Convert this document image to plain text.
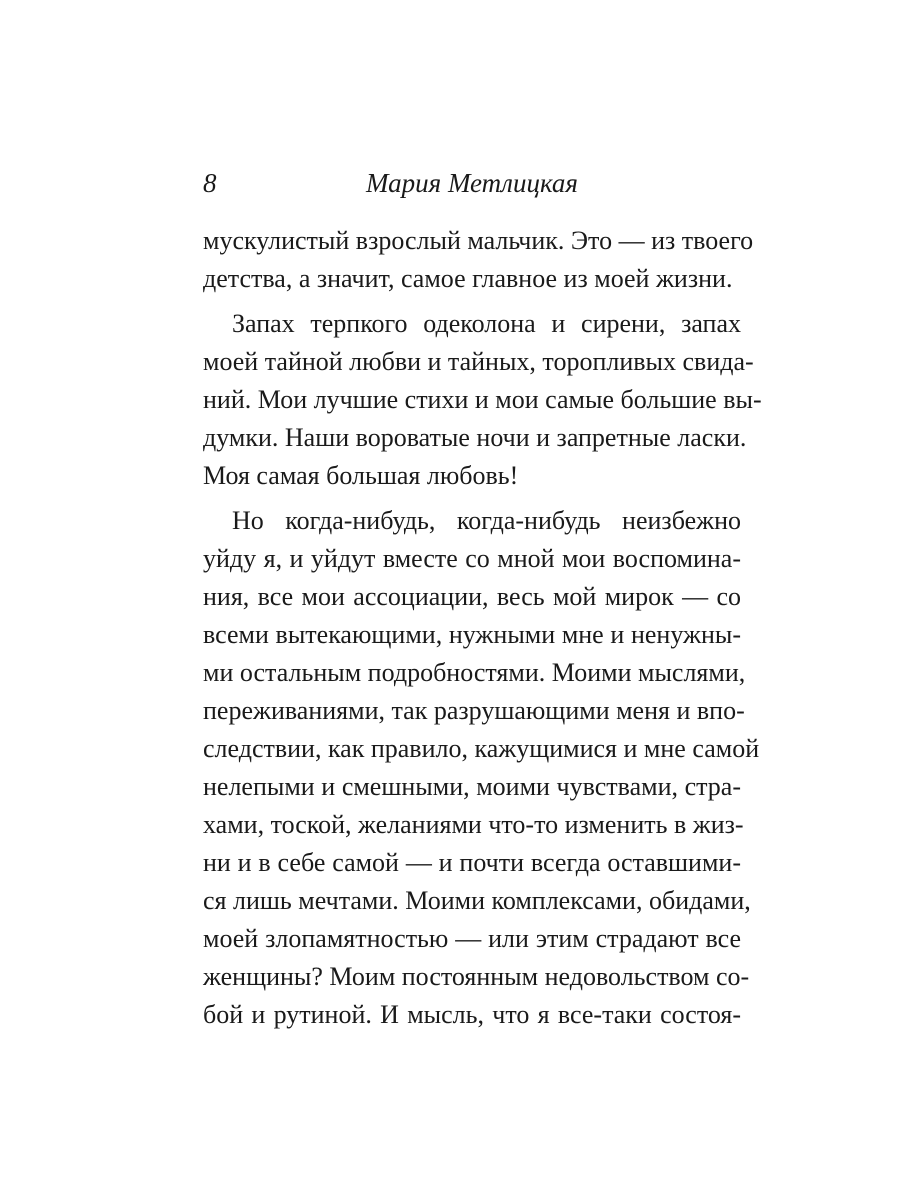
8	Мария Метлицкая
мускулистый взрослый мальчик. Это — из твоего
детства, а значит, самое главное из моей жизни.
Запах терпкого одеколона и сирени, запах
моей тайной любви и тайных, торопливых свида-
ний. Мои лучшие стихи и мои самые большие вы-
думки. Наши вороватые ночи и запретные ласки.
Моя самая большая любовь!
Но когда-нибудь, когда-нибудь неизбежно
уйду я, и уйдут вместе со мной мои воспомина-
ния, все мои ассоциации, весь мой мирок — со
всеми вытекающими, нужными мне и ненужны-
ми остальным подробностями. Моими мыслями,
переживаниями, так разрушающими меня и впо-
следствии, как правило, кажущимися и мне самой
нелепыми и смешными, моими чувствами, стра-
хами, тоской, желаниями что-то изменить в жиз-
ни и в себе самой — и почти всегда оставшими-
ся лишь мечтами. Моими комплексами, обидами,
моей злопамятностью — или этим страдают все
женщины? Моим постоянным недовольством со-
бой и рутиной. И мысль, что я все-таки состоя-
